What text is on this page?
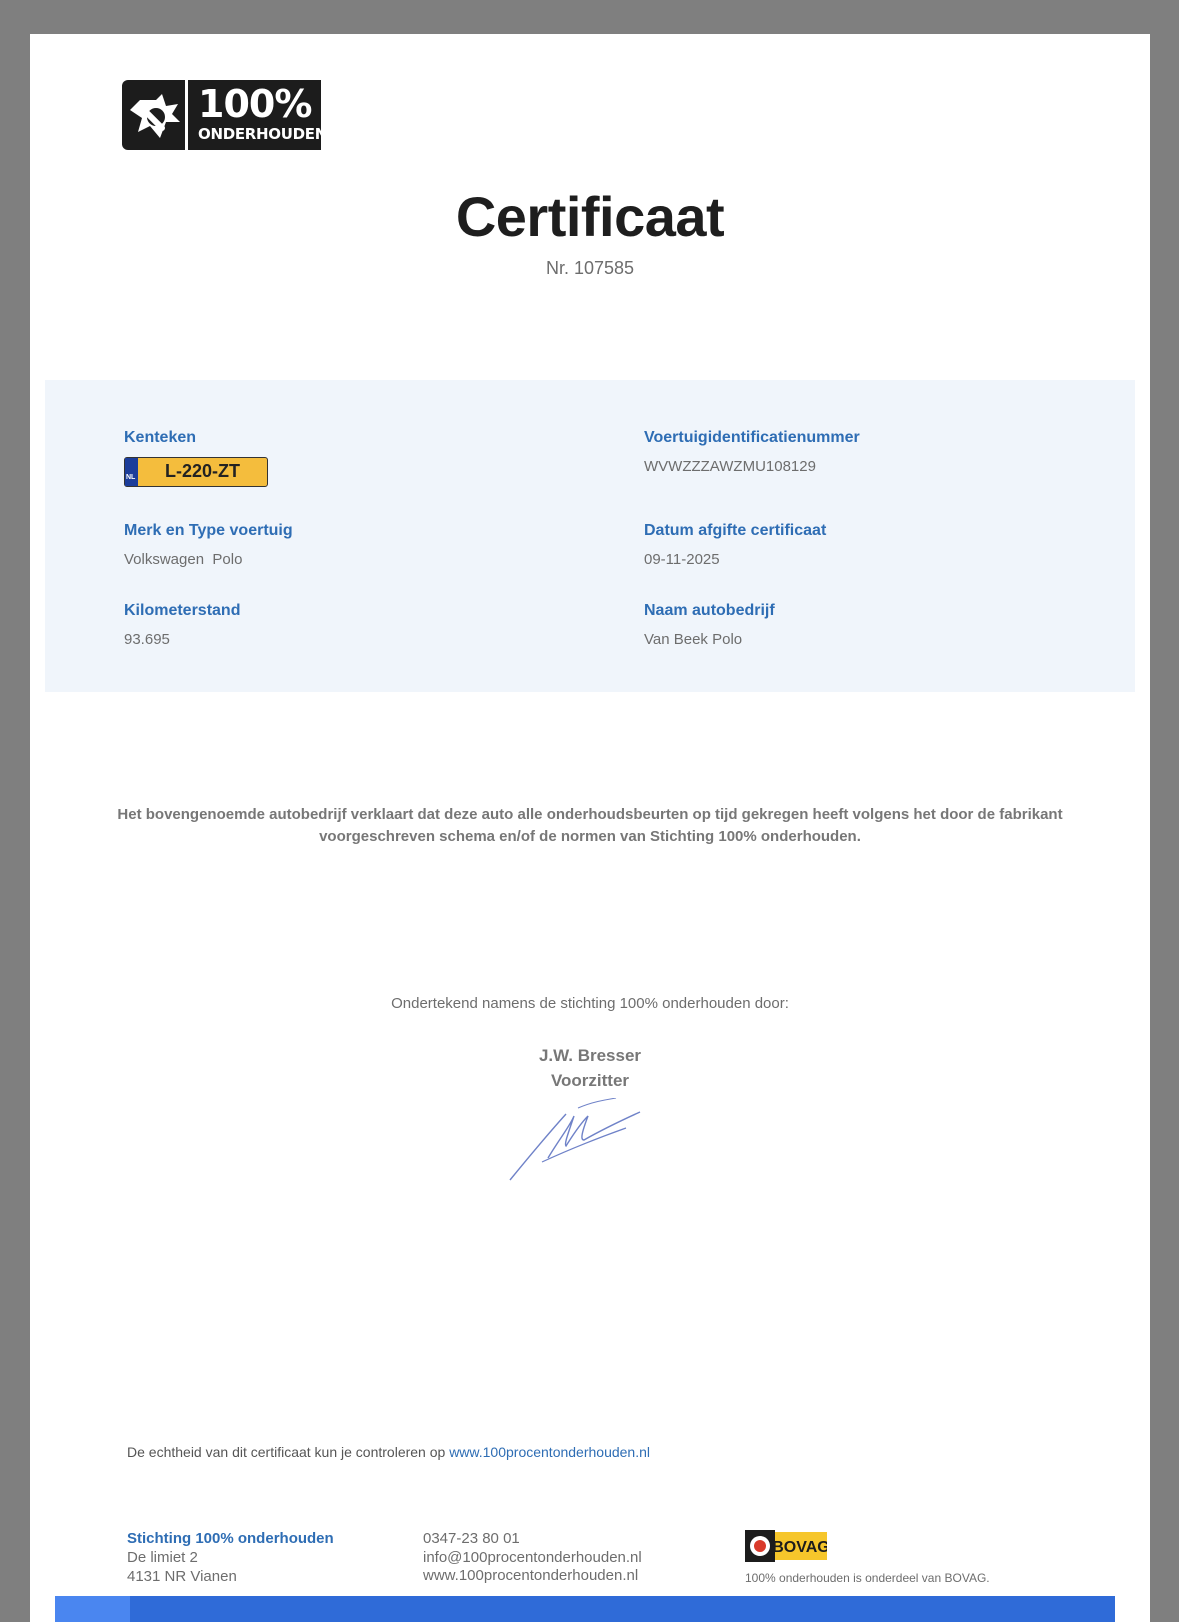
100%
ONDERHOUDEN
Certificaat
Nr. 107585
Kenteken
NL	L-220-ZT
Voertuigidentificatienummer
WVWZZZAWZMU108129
Merk en Type voertuig
Volkswagen  Polo
Datum afgifte certificaat
09-11-2025
Kilometerstand
93.695
Naam autobedrijf
Van Beek Polo
Het bovengenoemde autobedrijf verklaart dat deze auto alle onderhoudsbeurten op tijd gekregen heeft volgens het door de fabrikant voorgeschreven schema en/of de normen van Stichting 100% onderhouden.
Ondertekend namens de stichting 100% onderhouden door:
J.W. Bresser
Voorzitter
De echtheid van dit certificaat kun je controleren op www.100procentonderhouden.nl
Stichting 100% onderhouden
De limiet 2
4131 NR Vianen
0347-23 80 01
info@100procentonderhouden.nl
www.100procentonderhouden.nl
BOVAG
100% onderhouden is onderdeel van BOVAG.
